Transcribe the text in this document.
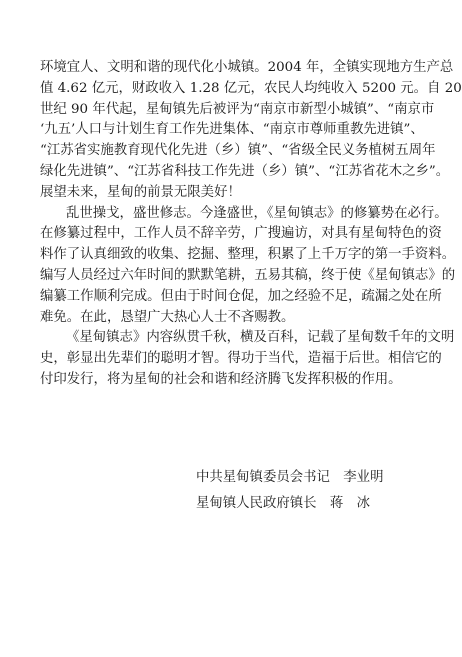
环境宜人、文明和谐的现代化小城镇。2004 年，全镇实现地方生产总
值 4.62 亿元，财政收入 1.28 亿元，农民人均纯收入 5200 元。自 20
世纪 90 年代起，星甸镇先后被评为“南京市新型小城镇”、“南京市
‘九五’人口与计划生育工作先进集体、“南京市尊师重教先进镇”、
“江苏省实施教育现代化先进（乡）镇”、“省级全民义务植树五周年
绿化先进镇”、“江苏省科技工作先进（乡）镇”、“江苏省花木之乡”。
展望未来，星甸的前景无限美好！
乱世操戈，盛世修志。今逢盛世，《星甸镇志》的修纂势在必行。
在修纂过程中，工作人员不辞辛劳，广搜遍访，对具有星甸特色的资
料作了认真细致的收集、挖掘、整理，积累了上千万字的第一手资料。
编写人员经过六年时间的默默笔耕，五易其稿，终于使《星甸镇志》的
编纂工作顺利完成。但由于时间仓促，加之经验不足，疏漏之处在所
难免。在此，恳望广大热心人士不吝赐教。
《星甸镇志》内容纵贯千秋，横及百科，记载了星甸数千年的文明
史，彰显出先辈们的聪明才智。得功于当代，造福于后世。相信它的
付印发行，将为星甸的社会和谐和经济腾飞发挥积极的作用。
中共星甸镇委员会书记　李业明
星甸镇人民政府镇长　蒋　冰
